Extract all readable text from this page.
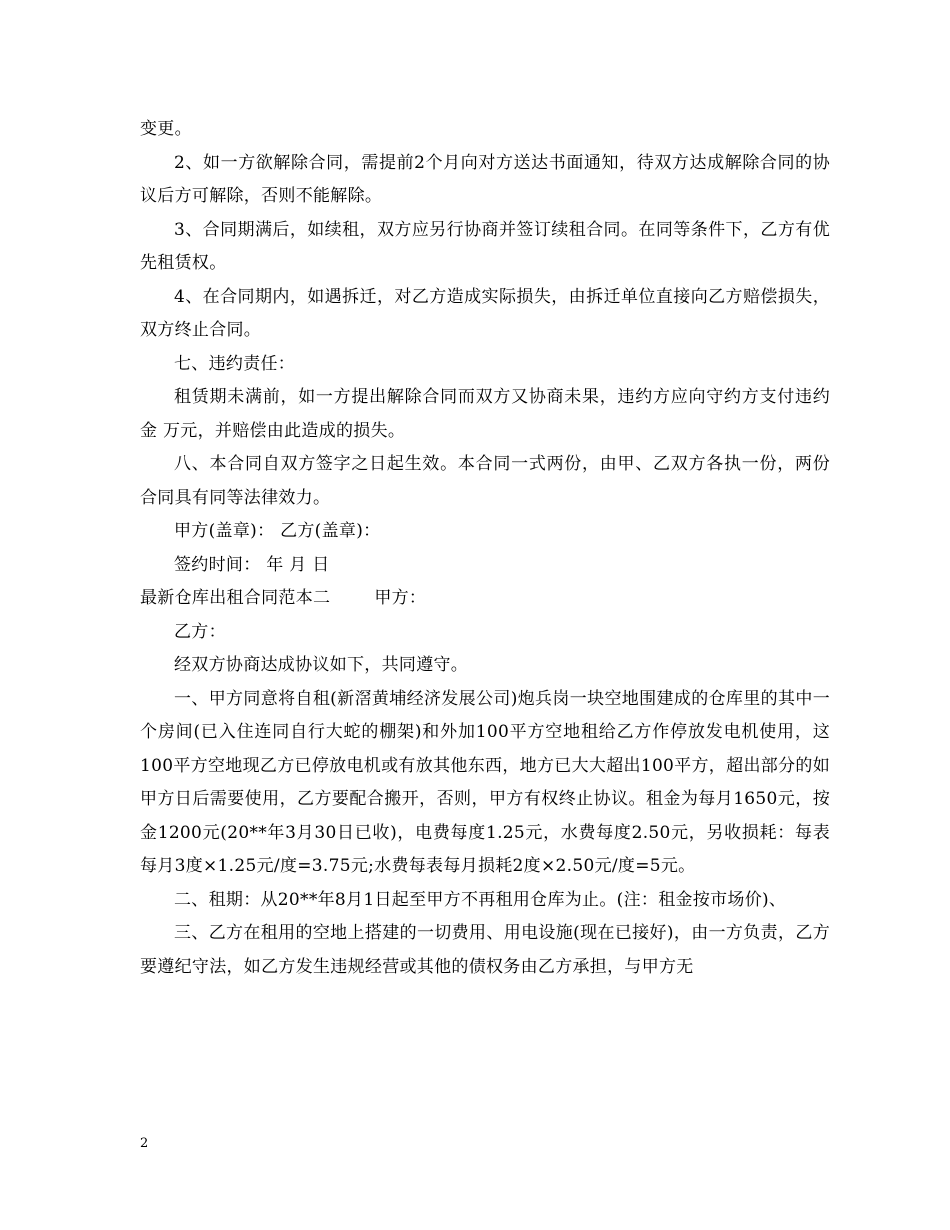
变更。

2、如一方欲解除合同，需提前2个月向对方送达书面通知，待双方达成解除合同的协议后方可解除，否则不能解除。

3、合同期满后，如续租，双方应另行协商并签订续租合同。在同等条件下，乙方有优先租赁权。

4、在合同期内，如遇拆迁，对乙方造成实际损失，由拆迁单位直接向乙方赔偿损失，双方终止合同。

七、违约责任：

租赁期未满前，如一方提出解除合同而双方又协商未果，违约方应向守约方支付违约金 万元，并赔偿由此造成的损失。

八、本合同自双方签字之日起生效。本合同一式两份，由甲、乙双方各执一份，两份合同具有同等法律效力。

甲方(盖章)： 乙方(盖章)：

签约时间： 年 月 日

最新仓库出租合同范本二	甲方：

乙方：

经双方协商达成协议如下，共同遵守。

一、甲方同意将自租(新滘黄埔经济发展公司)炮兵岗一块空地围建成的仓库里的其中一个房间(已入住连同自行大蛇的棚架)和外加100平方空地租给乙方作停放发电机使用，这100平方空地现乙方已停放电机或有放其他东西，地方已大大超出100平方，超出部分的如甲方日后需要使用，乙方要配合搬开，否则，甲方有权终止协议。租金为每月1650元，按金1200元(20**年3月30日已收)，电费每度1.25元，水费每度2.50元，另收损耗：每表每月3度×1.25元/度=3.75元;水费每表每月损耗2度×2.50元/度=5元。

二、租期：从20**年8月1日起至甲方不再租用仓库为止。(注：租金按市场价)、

三、乙方在租用的空地上搭建的一切费用、用电设施(现在已接好)，由一方负责，乙方要遵纪守法，如乙方发生违规经营或其他的债权务由乙方承担，与甲方无

2
